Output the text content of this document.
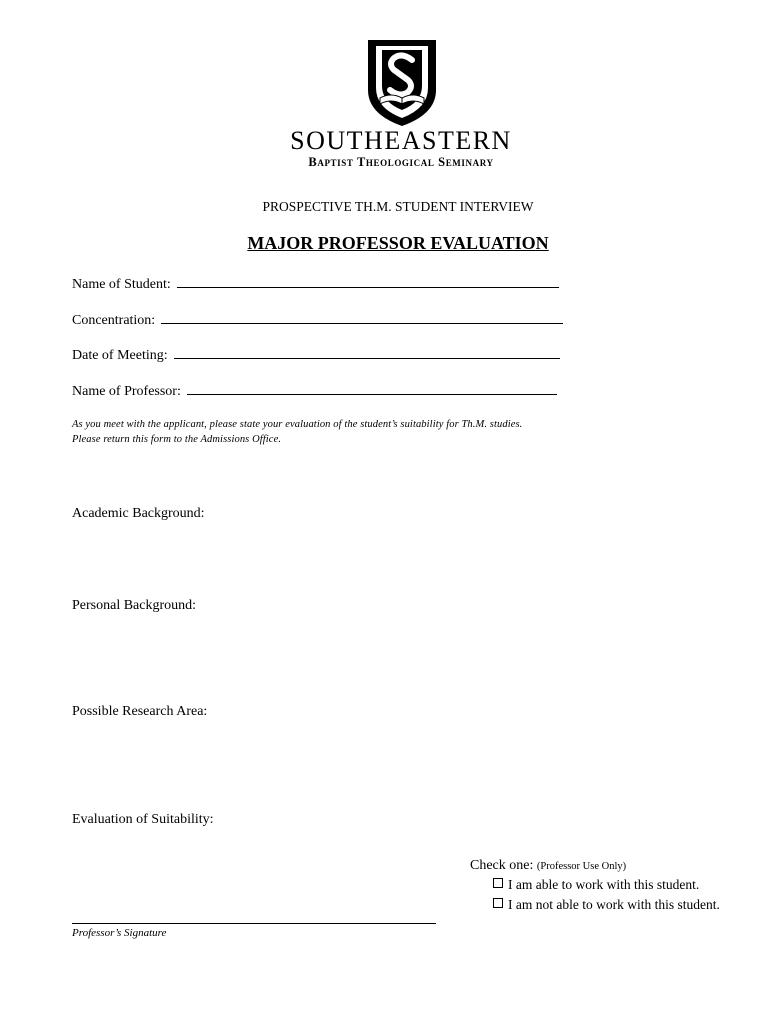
SOUTHEASTERN
Baptist Theological Seminary
PROSPECTIVE TH.M. STUDENT INTERVIEW
MAJOR PROFESSOR EVALUATION
Name of Student:
Concentration:
Date of Meeting:
Name of Professor:
As you meet with the applicant, please state your evaluation of the student’s suitability for Th.M. studies.
Please return this form to the Admissions Office.
Academic Background:
Personal Background:
Possible Research Area:
Evaluation of Suitability:
Check one: (Professor Use Only)
I am able to work with this student.
I am not able to work with this student.
Professor’s Signature
